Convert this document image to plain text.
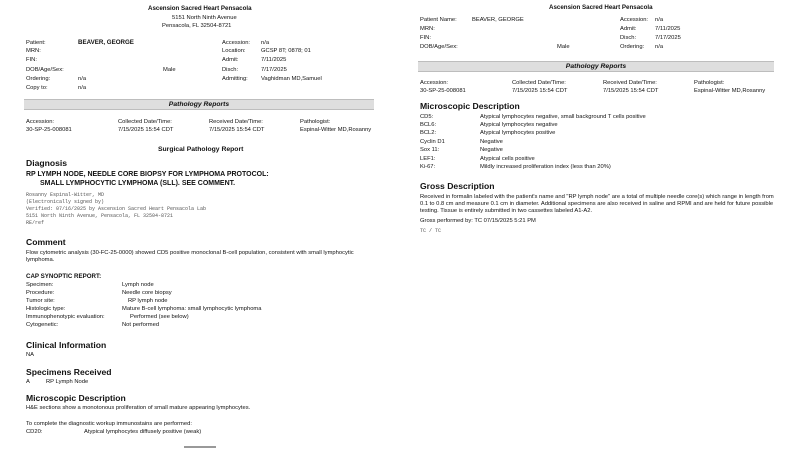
Ascension Sacred Heart Pensacola
5151 North Ninth Avenue
Pensacola, FL 32504-8721
Patient:	BEAVER, GEORGE
MRN:
FIN:
DOB/Age/Sex:	Male
Ordering:	n/a
Copy to:	n/a
Accession: n/a
Location:	GCSP 8T; 0878; 01
Admit:	7/11/2025
Disch:	7/17/2025
Admitting: Vaghidman MD,Samuel
Pathology Reports
Accession:	Collected Date/Time:	Received Date/Time:	Pathologist:
30-SP-25-008081	7/15/2025 15:54 CDT	7/15/2025 15:54 CDT	Espinal-Witter MD,Rosanny
Surgical Pathology Report
Diagnosis
RP LYMPH NODE, NEEDLE CORE BIOPSY FOR LYMPHOMA PROTOCOL:
SMALL LYMPHOCYTIC LYMPHOMA (SLL). SEE COMMENT.
Rosanny Espinal-Witter, MD
(Electronically signed by)
Verified: 07/16/2025 by Ascension Sacred Heart Pensacola Lab
5151 North Ninth Avenue, Pensacola, FL 32504-8721
RE/ref
Comment
Flow cytometric analysis (30-FC-25-0000) showed CD5 positive monoclonal B-cell population, consistent with small lymphocytic lymphoma.
CAP SYNOPTIC REPORT:
Specimen:	Lymph node
Procedure:	Needle core biopsy
Tumor site:	RP lymph node
Histologic type:	Mature B-cell lymphoma: small lymphocytic lymphoma
Immunophenotypic evaluation:	Performed (see below)
Cytogenetic:	Not performed
Clinical Information
NA
Specimens Received
A	RP Lymph Node
Microscopic Description
H&E sections show a monotonous proliferation of small mature appearing lymphocytes.
To complete the diagnostic workup immunostains are performed:
CD20:	Atypical lymphocytes diffusely positive (weak)
Ascension Sacred Heart Pensacola
Patient Name:	BEAVER, GEORGE
MRN:
FIN:
DOB/Age/Sex:	Male
Accession: n/a
Admit:	7/11/2025
Disch:	7/17/2025
Ordering: n/a
Pathology Reports
Accession:	Collected Date/Time:	Received Date/Time:	Pathologist:
30-SP-25-008081	7/15/2025 15:54 CDT	7/15/2025 15:54 CDT	Espinal-Witter MD,Rosanny
Microscopic Description
CD5:	Atypical lymphocytes negative, small background T cells positive
BCL6:	Atypical lymphocytes negative
BCL2:	Atypical lymphocytes positive
Cyclin D1	Negative
Sox 11:	Negative
LEF1:	Atypical cells positive
Ki-67:	Mildly increased proliferation index (less than 20%)
Gross Description
Received in formalin labeled with the patient's name and "RP lymph node" are a total of multiple needle core(s) which range in length from 0.1 to 0.8 cm and measure 0.1 cm in diameter. Additional specimens are also received in saline and RPMI and are held for future possible testing. Tissue is entirely submitted in two cassettes labeled A1-A2.
Gross performed by: TC 07/15/2025 5:21 PM
TC / TC
